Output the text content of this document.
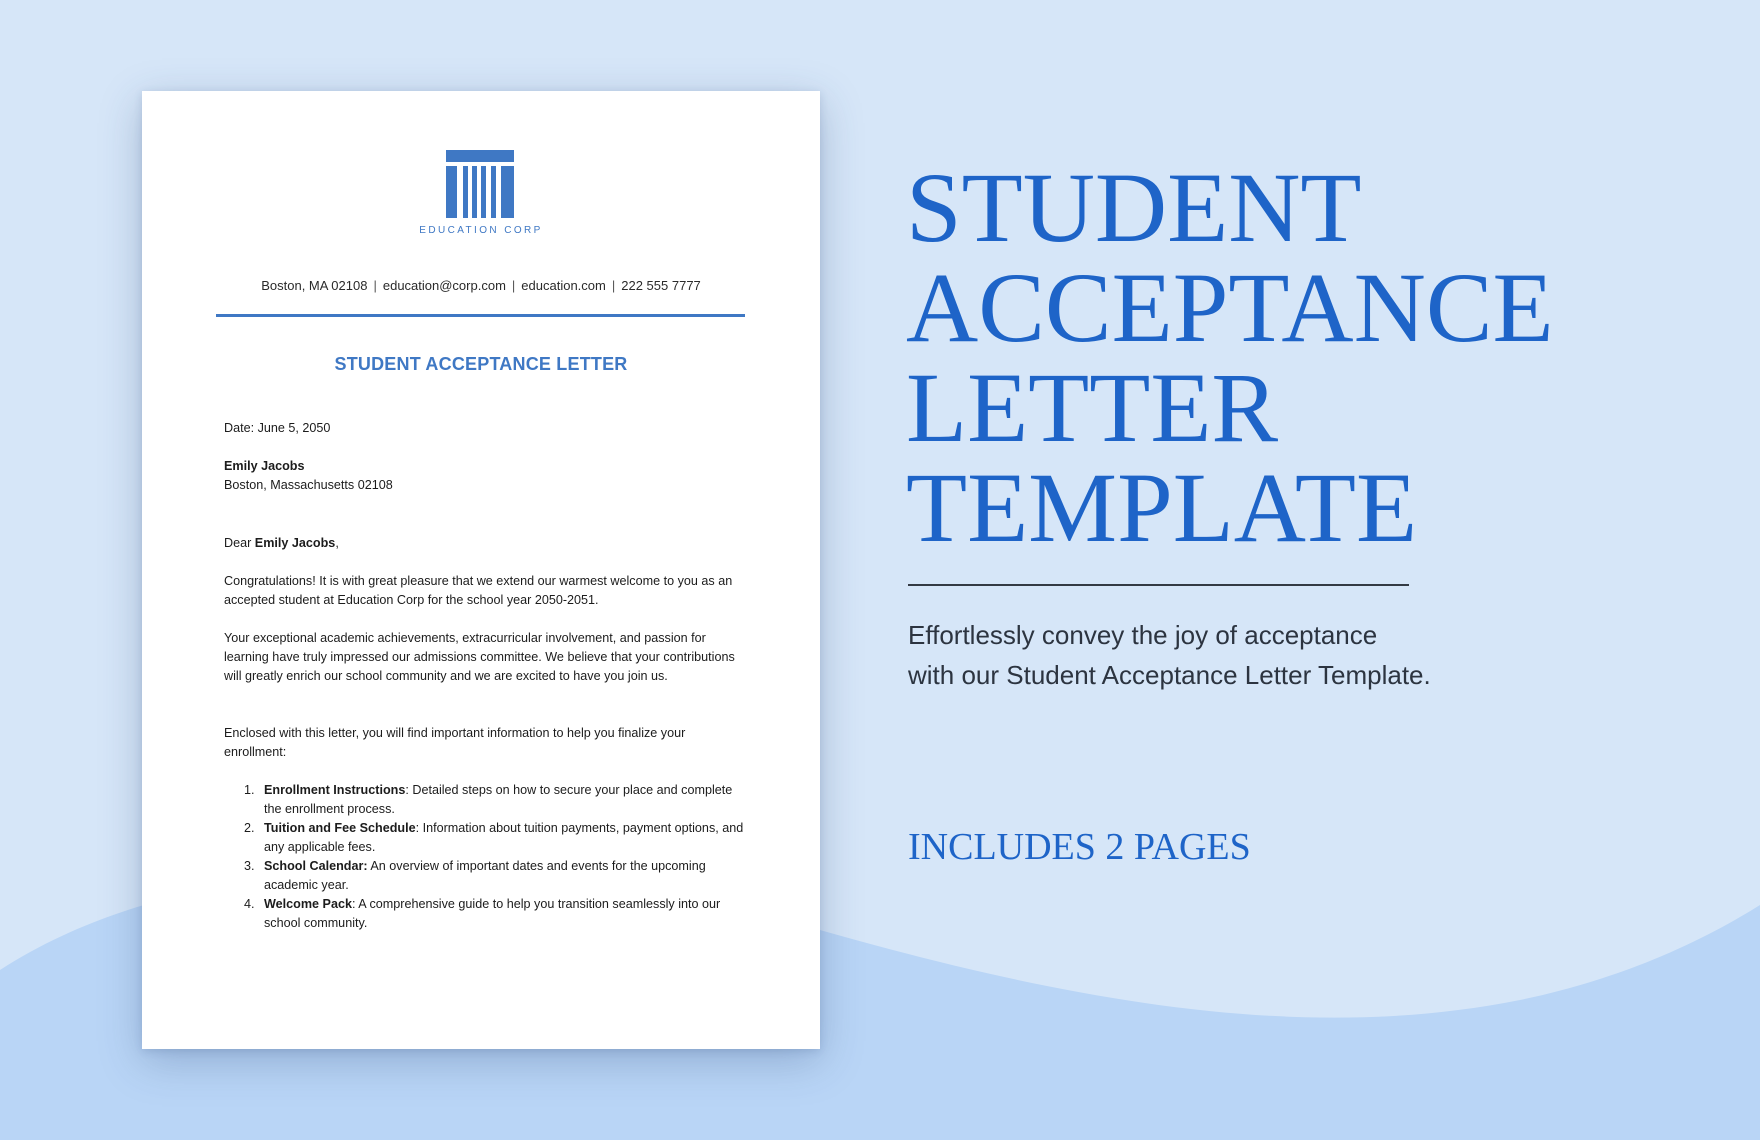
EDUCATION CORP
Boston, MA 02108 | education@corp.com | education.com | 222 555 7777
STUDENT ACCEPTANCE LETTER

Date: June 5, 2050

Emily Jacobs

Boston, Massachusetts 02108

Dear Emily Jacobs,

Congratulations! It is with great pleasure that we extend our warmest welcome to you as an accepted student at Education Corp for the school year 2050-2051.

Your exceptional academic achievements, extracurricular involvement, and passion for learning have truly impressed our admissions committee. We believe that your contributions will greatly enrich our school community and we are excited to have you join us.

Enclosed with this letter, you will find important information to help you finalize your enrollment:

1. Enrollment Instructions: Detailed steps on how to secure your place and complete the enrollment process.
2. Tuition and Fee Schedule: Information about tuition payments, payment options, and any applicable fees.
3. School Calendar: An overview of important dates and events for the upcoming academic year.
4. Welcome Pack: A comprehensive guide to help you transition seamlessly into our school community.
STUDENT
ACCEPTANCE
LETTER
TEMPLATE
Effortlessly convey the joy of acceptance
with our Student Acceptance Letter Template.
INCLUDES 2 PAGES
